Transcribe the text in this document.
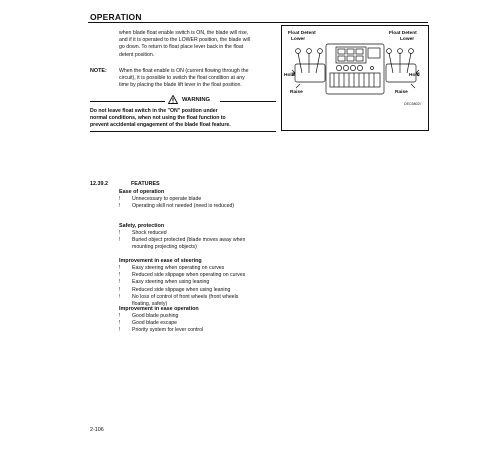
OPERATION
when blade float enable switch is ON, the blade will rise,
and if it is operated to the LOWER position, the blade will
go down. To return to float place lever back in the float
detent position.
NOTE: When the float enable is ON (current flowing through the
circuit), it is possible to switch the float condition at any
time by placing the blade lift lever in the float position.
WARNING
Do not leave float switch in the "ON" position under
normal conditions, when not using the float function to
prevent accidental engagement of the blade float feature.
Float Detent
Lower
Float Detent
Lower
Hold	Hold
Raise	Raise
DEC5802I
12.39.2	FEATURES
Ease of operation
!	Unnecessary to operate blade
!	Operating skill not needed (need is reduced)
Safety, protection
!	Shock reduced
!	Buried object protected (blade moves away when
mounting projecting objects)
Improvement in ease of steering
!	Easy steering when operating on curves
!	Reduced side slippage when operating on curves
!	Easy steering when using leaning
!	Reduced side slippage when using leaning
!	No loss of control of front wheels (front wheels
floating, safety)
Improvement in ease operation
!	Good blade pushing
!	Good blade escape
!	Priority system for lever control
2-106
